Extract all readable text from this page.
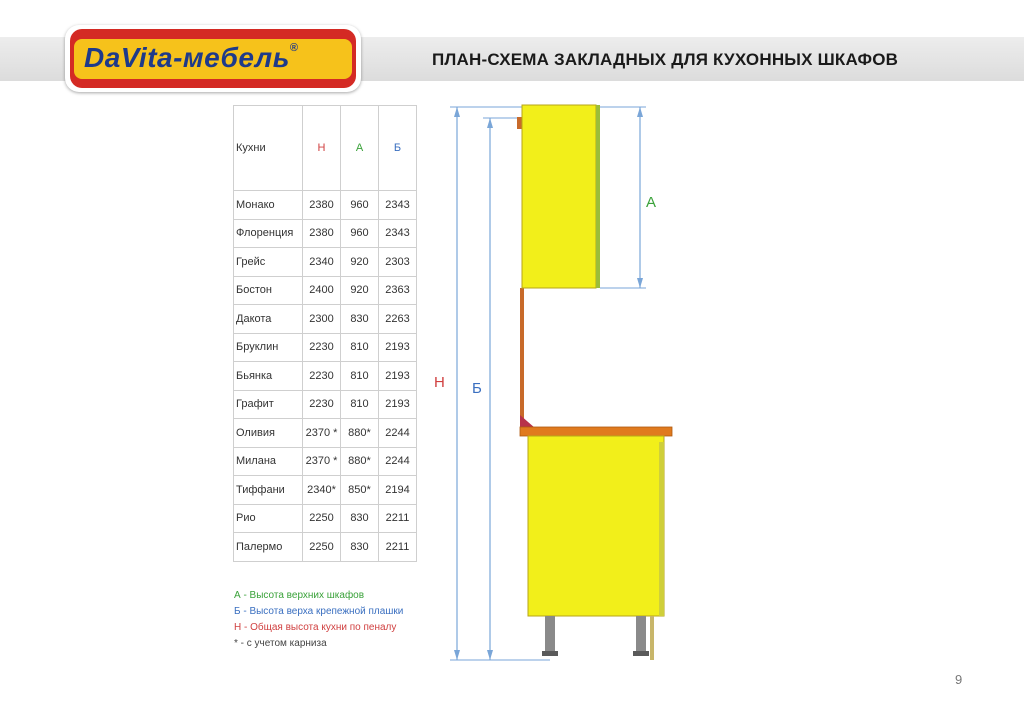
DaVita-мебель®
ПЛАН-СХЕМА ЗАКЛАДНЫХ ДЛЯ КУХОННЫХ ШКАФОВ
Кухни	Н	А	Б
Монако	2380	960	2343
Флоренция	2380	960	2343
Грейс	2340	920	2303
Бостон	2400	920	2363
Дакота	2300	830	2263
Бруклин	2230	810	2193
Бьянка	2230	810	2193
Графит	2230	810	2193
Оливия	2370 *	880*	2244
Милана	2370 *	880*	2244
Тиффани	2340*	850*	2194
Рио	2250	830	2211
Палермо	2250	830	2211
А - Высота верхних шкафов
Б - Высота верха крепежной плашки
Н - Общая высота кухни по пеналу
* - с учетом карниза
Н Б
А
9
